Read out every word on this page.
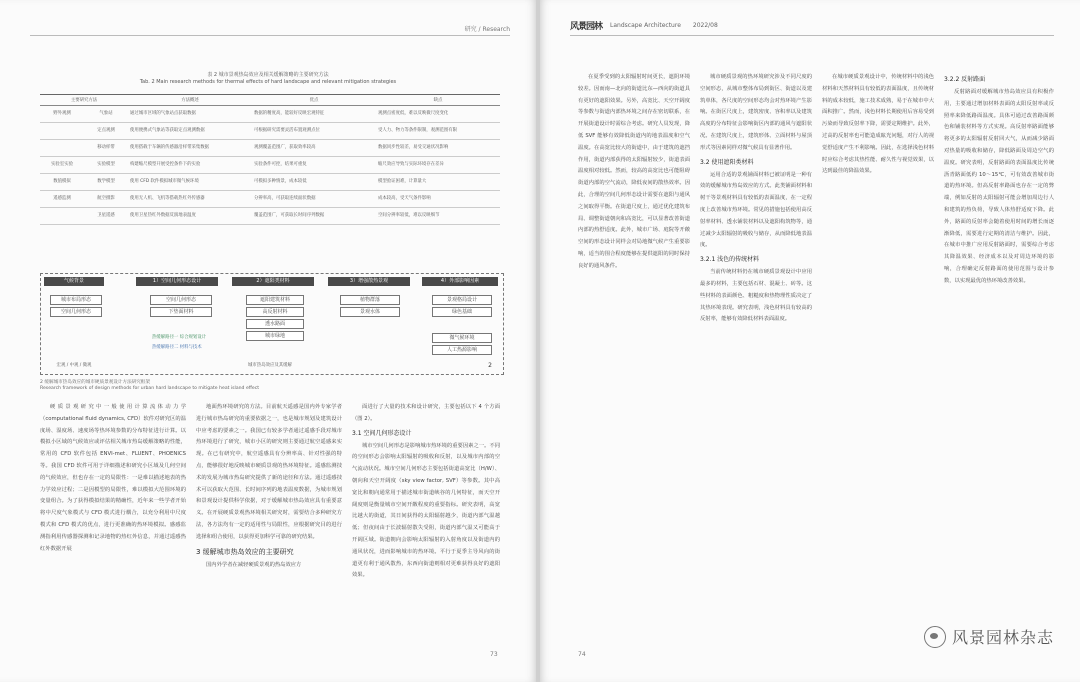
研究 / Research
表 2 城市景观热岛效应及相关缓解策略的主要研究方法
Tab. 2 Main research methods for thermal effects of hard landscape and relevant mitigation strategies
主要研究方法		方法概述	优点	缺点
野外观测	气象站	通过城市区域的气象站点获取数据	数据的精度高，能较好反映宏观特征	观测点密度低，难以反映微尺度变化
	定点观测	使用便携式气象站等获取定点观测数据	可根据研究需要灵活布置观测点位	受人力、物力等条件限制，观测范围有限
	移动样带	使用搭载于车辆的传感器沿样带采集数据	观测覆盖范围广，获取效率较高	数据同步性较差，易受交通状况影响
实验室实验	实验模型	构建缩尺模型开展受控条件下的实验	实验条件可控，结果可重复	缩尺效应导致与实际环境存在差异
数值模拟	数学模型	使用 CFD 软件模拟城市微气候环境	可模拟多种情景，成本较低	模型验证困难，计算量大
遥感监测	航空摄影	使用无人机、飞机等搭载热红外传感器	分辨率高，可获取连续面状数据	成本较高，受天气条件影响
	卫星遥感	使用卫星热红外数据反演地表温度	覆盖范围广，可获取长时间序列数据	空间分辨率较低，难以反映细节
气候背景	1）空间几何形态设计	2）遮阳类材料	3）增强散热景观	4）外部影响因素
城市布局形态
空间几何形态
空间几何形态
下垫面材料
遮阳建筑材料
高反射材料
透水路面
城市绿地
植物群落
景观水体
景观格局设计
绿色基础
微气候环境
人工热源影响
热缓解路径一 综合规划设计
热缓解路径二 材料与技术
宏观 / 中观 / 微观	城市热岛效应及其缓解	2
2 缓解城市热岛效应的城市硬质景观设计方法研究框架
Research framework of design methods for urban hard landscape to mitigate heat island effect

硬质景观研究中一般使用计算流体动力学（computational fluid dynamics, CFD）软件对研究区的温度场、湿度场、速度场等热环境参数的分布特征进行计算。以模拟小区域的气候效应或评估相关城市热岛缓解策略的性能，常用的 CFD 软件包括 ENVI-met、FLUENT、PHOENICS 等。我国 CFD 软件可用于详细描述和研究小区域及几何空间的气候效应，但也存在一定的局限性：一是难以描述地表的热力学效应过程；二是因模型的局限性，难以模拟大范围环境的变量组合。为了获得模拟结果的精确性，近年来一些学者开始将中尺度气象模式与 CFD 模式进行耦合，以充分利用中尺度模式和 CFD 模式的优点，进行更准确的热环境模拟。感感监测指利用传感器探测和记录地物的热红外信息，并通过遥感热红外数据开展

地面热环境研究的方法。目前航天遥感是国内外专家学者进行城市热岛研究的重要依据之一，也是城市规划及建筑设计中应考虑的要素之一。我国已有较多学者通过遥感手段对城市热环境进行了研究，城市小区的研究则主要通过航空遥感来实现。在已有研究中，航空遥感具有分辨率高、针对性强的特点，能够很好地反映城市硬质景观的热环境特征。遥感监测技术的发展为城市热岛研究提供了新的途径和方法。通过遥感技术可以获取大范围、长时间序列的地表温度数据，为城市规划和景观设计提供科学依据，对于缓解城市热岛效应具有重要意义。在开展硬质景观热环境相关研究时，需要结合多种研究方法，各方法均有一定的适用性与局限性，应根据研究目的进行选择和组合使用，以获得更加科学可靠的研究结果。

3 缓解城市热岛效应的主要研究

国内外学者在减轻硬质景观的热岛效应方

面进行了大量的技术和设计研究，主要包括以下 4 个方面（图 2）。

3.1 空间几何形态设计

城市空间几何形态是影响城市热环境的重要因素之一。不同的空间形态会影响太阳辐射的吸收和反射，以及城市内部的空气流动状况。城市空间几何形态主要包括街道高宽比（H/W）、朝向和天空开阔度（sky view factor, SVF）等参数。其中高宽比和朝向通常用于描述城市街道峡谷的几何特征，而天空开阔度则是衡量城市空间开敞程度的重要指标。研究表明，高宽比越大的街道，其日间获得的太阳辐射越少，街道内部气温越低；但夜间由于长波辐射散失受阻，街道内部气温又可能高于开阔区域。街道朝向会影响太阳辐射的入射角度以及街道内的通风状况，进而影响城市的热环境。平行于夏季主导风向的街道更有利于通风散热，东西向街道则相对更难获得良好的遮阳效果。

73
风景园林 Landscape Architecture 2022/08

在夏季受到的太阳辐射时间更长，遮阴环境较差。因而南—北向的街道比东—西向的街道具有更好的遮阳效果。另外，高宽比、天空开阔度等参数与街道内部热环境之间存在密切联系，在开展街道设计时需综合考虑。研究人员发现，降低 SVF 能够有效降低街道内的地表温度和空气温度。在高宽比较大的街道中，由于建筑的遮挡作用，街道内部获得的太阳辐射较少，街道表面温度相对较低。然而，较高的高宽比也可能阻碍街道内部的空气流动，降低夜间的散热效率。因此，合理的空间几何形态设计需要在遮阳与通风之间取得平衡。在街道尺度上，通过优化建筑布局、调整街道朝向和高宽比，可以显著改善街道内部的热舒适度。此外，城市广场、庭院等开敞空间的形态设计同样会对局地微气候产生重要影响，适当的围合程度能够在提供遮阳的同时保持良好的通风条件。

城市硬质景观的热环境研究涉及不同尺度的空间形态，从城市整体布局到街区、街道以及建筑单体，各尺度的空间形态均会对热环境产生影响。在街区尺度上，建筑密度、容积率以及建筑高度的分布特征会影响街区内部的通风与遮阳状况。在建筑尺度上，建筑形体、立面材料与屋顶形式等因素同样对微气候具有显著作用。

3.2 使用遮阳类材料

运用合适的景观铺面材料已被证明是一种有效的缓解城市热岛效应的方式。此类铺面材料和树干等景观材料具有较低的表面温度，在一定程度上改善城市热环境。常见的措施包括使用高反射率材料、透水铺装材料以及遮阳构筑物等，通过减少太阳辐射的吸收与储存，从而降低地表温度。

3.2.1 浅色的传统材料

当前传统材料仍在城市硬质景观设计中应用最多的材料，主要包括石材、混凝土、砖等。这些材料的表面颜色、粗糙度和热物理性质决定了其热环境表现。研究表明，浅色材料具有较高的反射率，能够有效降低材料表面温度。

在城市硬质景观设计中，传统材料中的浅色材料和天然材料具有较低的表面温度，且传统材料的成本较低，施工技术成熟，易于在城市中大面积推广。然而，浅色材料长期使用后容易受到污染而导致反射率下降，需要定期维护。此外，过高的反射率也可能造成眩光问题，对行人的视觉舒适度产生不利影响。因此，在选择浅色材料时应综合考虑其热性能、耐久性与视觉效果，以达到最佳的降温效果。

3.2.2 反射路面

反射路面对缓解城市热岛效应具有积极作用，主要通过增加材料表面的太阳反射率或反照率来降低路面温度。具体可通过改善路面颜色和铺装材料等方式实现。高反射率路面能够将更多的太阳辐射反射回大气，从而减少路面对热量的吸收和储存，降低路面及周边空气的温度。研究表明，反射路面的表面温度比传统沥青路面低约 10～15℃，可有效改善城市街道的热环境。但高反射率路面也存在一定的弊端，例如反射的太阳辐射可能会增加周边行人和建筑的热负荷，导致人体热舒适度下降。此外，路面的反射率会随着使用时间的增长而逐渐降低，需要进行定期的清洁与维护。因此，在城市中推广应用反射路面时，需要综合考虑其降温效果、经济成本以及对周边环境的影响，合理确定反射路面的使用范围与设计参数，以实现最优的热环境改善效果。

74
风景园林杂志
